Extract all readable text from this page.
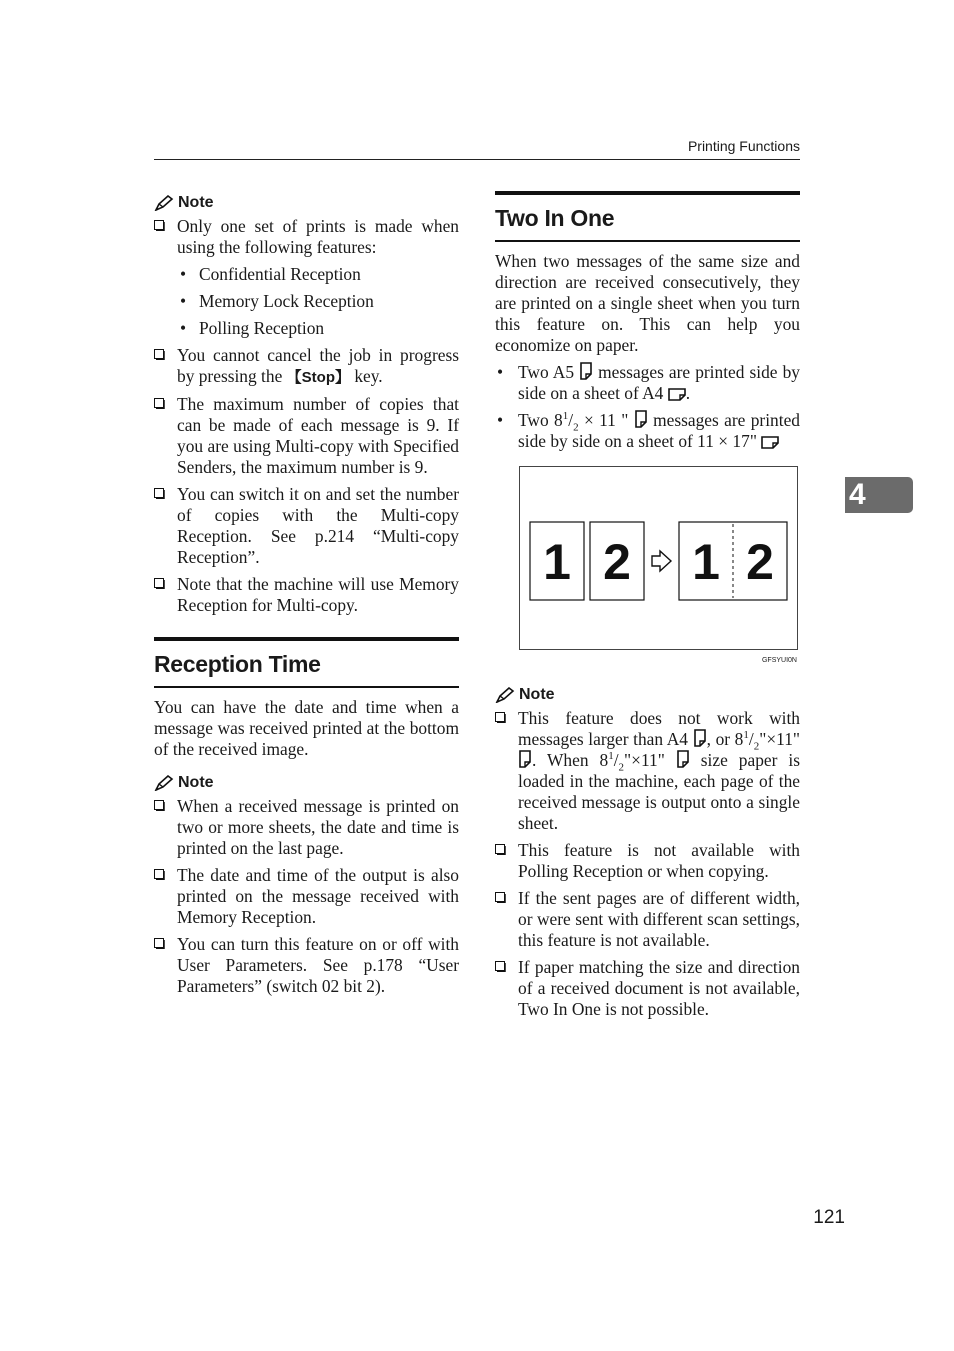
Printing Functions
Note
Only one set of prints is made when using the following features:
• Confidential Reception
• Memory Lock Reception
• Polling Reception
You cannot cancel the job in progress by pressing the 【Stop】 key.
The maximum number of copies that can be made of each message is 9. If you are using Multi-copy with Specified Senders, the maximum number is 9.
You can switch it on and set the number of copies with the Multi-copy Reception. See p.214 “Multi-copy Reception”.
Note that the machine will use Memory Reception for Multi-copy.
Reception Time

You can have the date and time when a message was received printed at the bottom of the received image.

Note
When a received message is printed on two or more sheets, the date and time is printed on the last page.
The date and time of the output is also printed on the message received with Memory Reception.
You can turn this feature on or off with User Parameters. See p.178 “User Parameters” (switch 02 bit 2).
Two In One

When two messages of the same size and direction are received consecutively, they are printed on a single sheet when you turn this feature on. This can help you economize on paper.

• Two A5 messages are printed side by side on a sheet of A4 .
• Two $8^1/_2 \times 11$ " messages are printed side by side on a sheet of 11 × 17"
1 2 1 2
GFSYUI0N
Note
This feature does not work with messages larger than A4 , or $8^1/_2"\times 11$". When $8^1/_2"\times 11$" size paper is loaded in the machine, each page of the received message is output onto a single sheet.
This feature is not available with Polling Reception or when copying.
If the sent pages are of different width, or were sent with different scan settings, this feature is not available.
If paper matching the size and direction of a received document is not available, Two In One is not possible.
4
121
